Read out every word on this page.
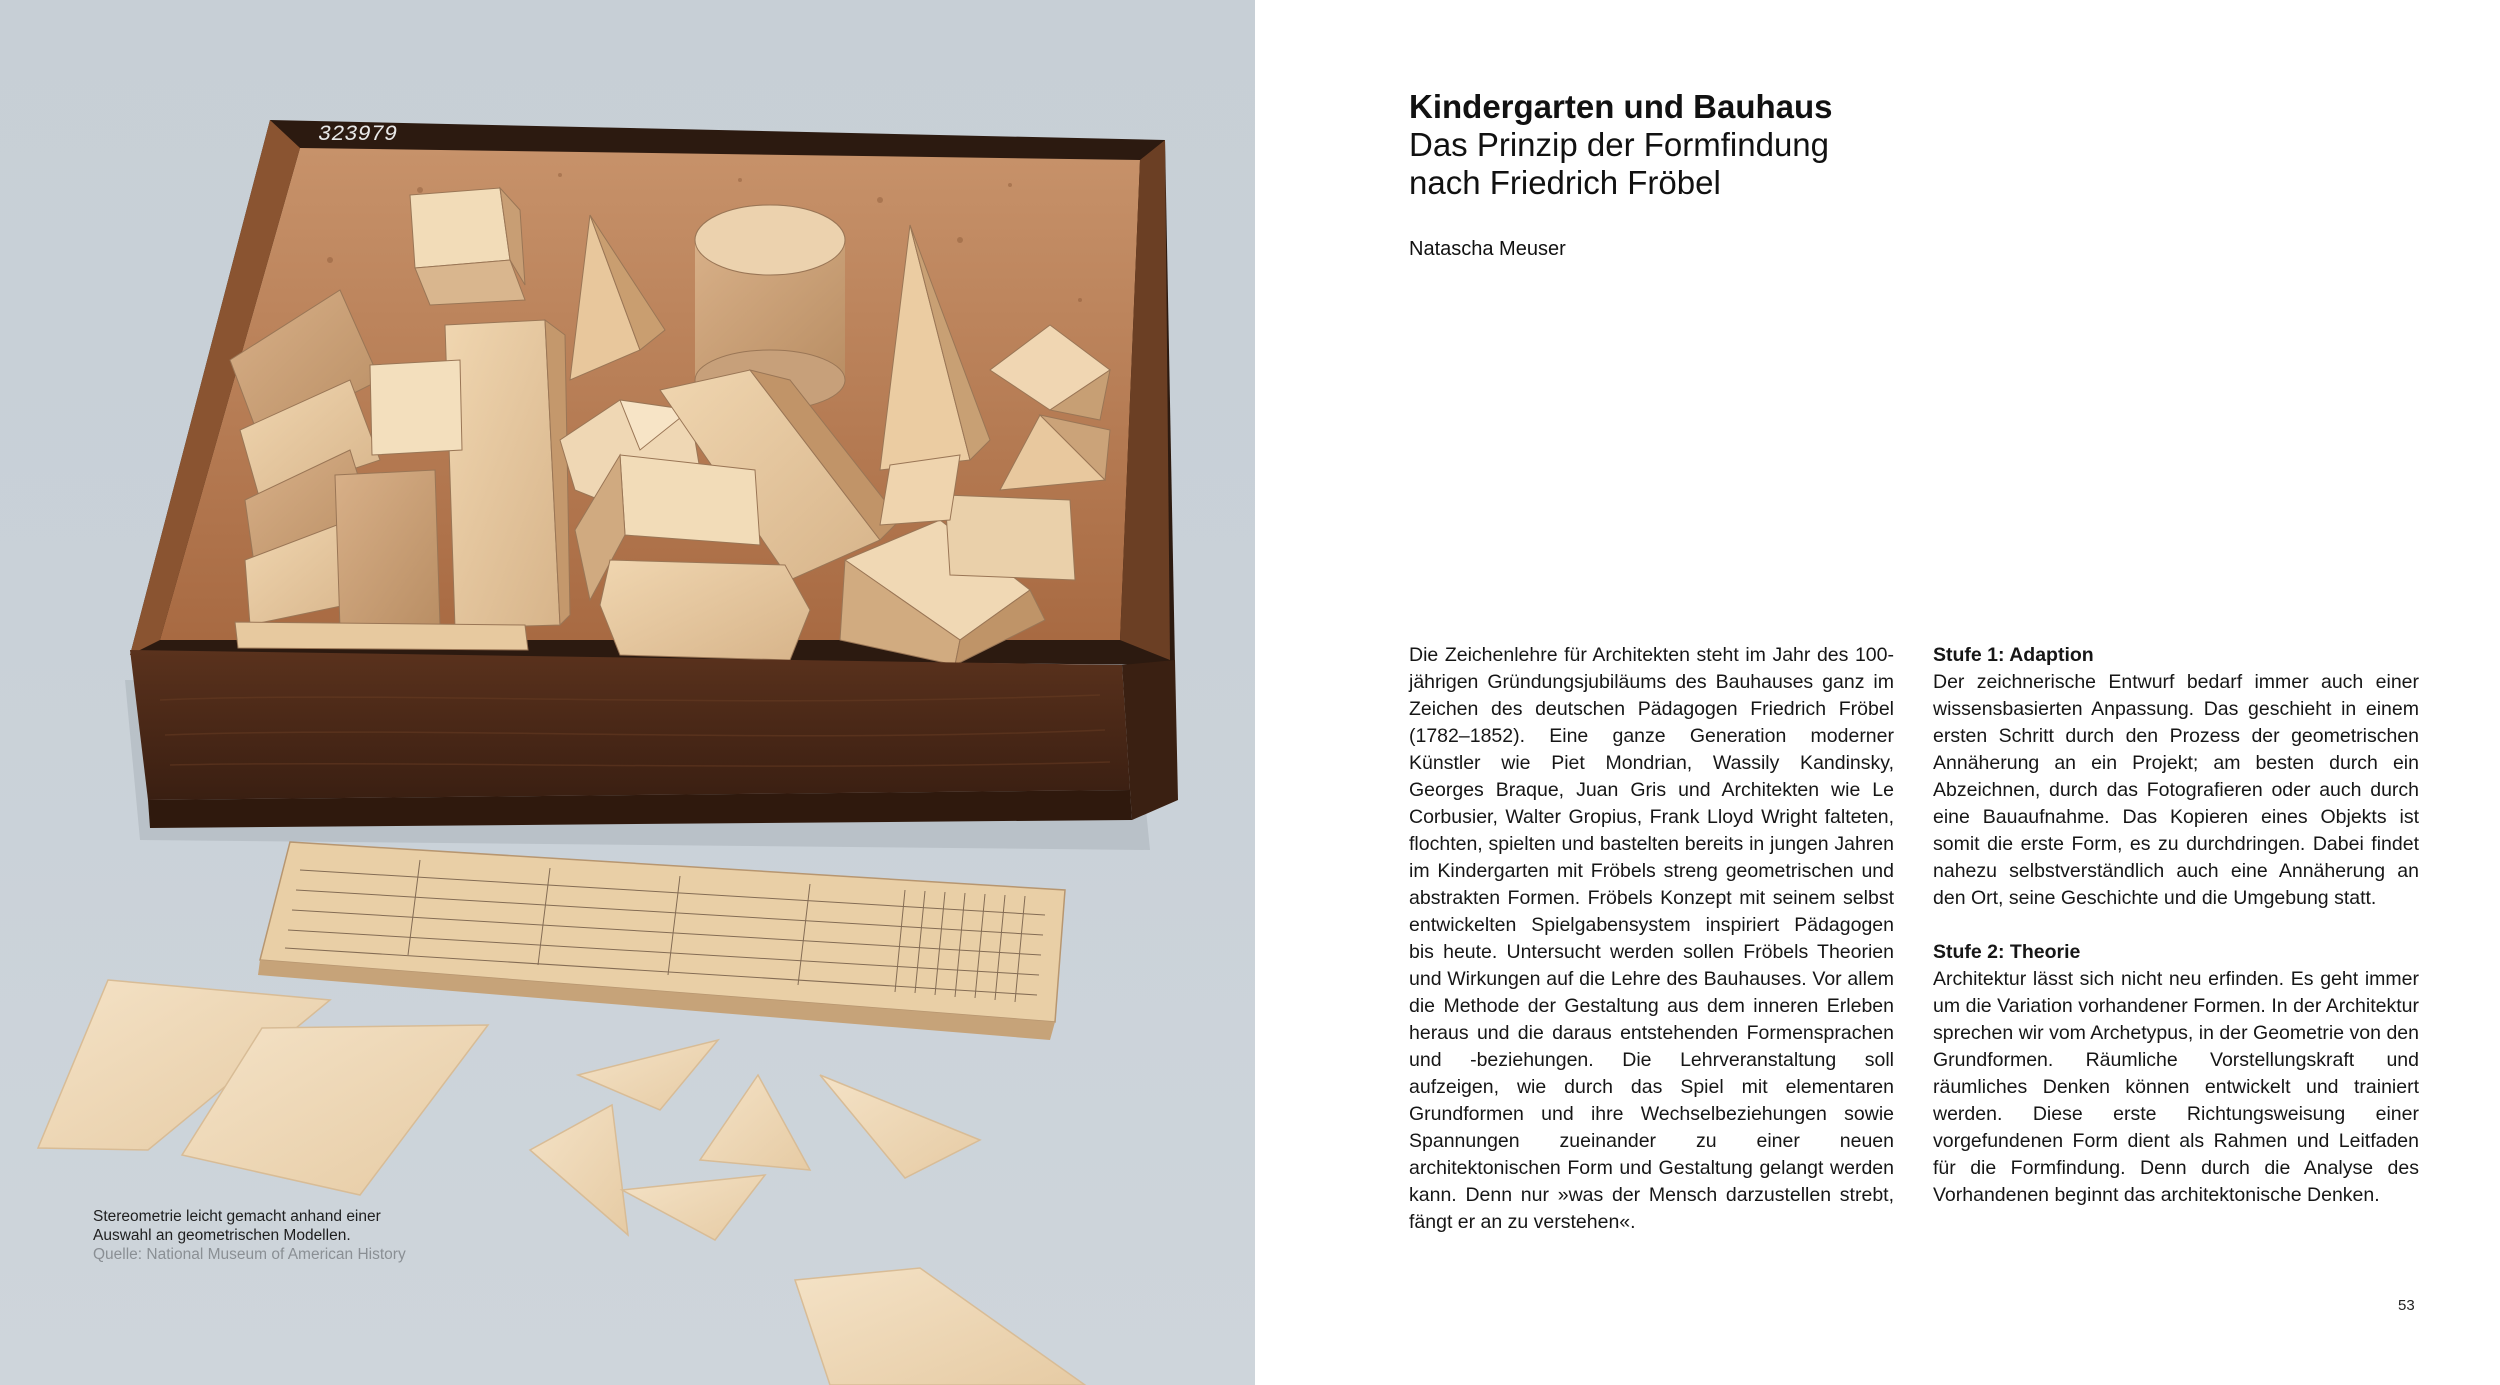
323979
Stereometrie leicht gemacht anhand einer
Auswahl an geometrischen Modellen.
Quelle: National Museum of American History
Kindergarten und Bauhaus
Das Prinzip der Formfindung
nach Friedrich Fröbel
Natascha Meuser

Die Zeichenlehre für Architekten steht im Jahr des 100-jährigen Gründungsjubiläums des Bauhauses ganz im Zeichen des deutschen Pädagogen Friedrich Fröbel (1782–1852). Eine ganze Generation moderner Künstler wie Piet Mondrian, Wassily Kandinsky, Georges Braque, Juan Gris und Architekten wie Le Corbusier, Walter Gropius, Frank Lloyd Wright falteten, flochten, spielten und bastelten bereits in jungen Jahren im Kindergarten mit Fröbels streng geometrischen und abstrakten Formen. Fröbels Konzept mit seinem selbst entwickelten Spielgabensystem inspiriert Pädagogen bis heute. Untersucht werden sollen Fröbels Theorien und Wirkungen auf die Lehre des Bauhauses. Vor allem die Methode der Gestaltung aus dem inneren Erleben heraus und die daraus entstehenden Formensprachen und -beziehungen. Die Lehrveranstaltung soll aufzeigen, wie durch das Spiel mit elementaren Grundformen und ihre Wechselbeziehungen sowie Spannungen zueinander zu einer neuen architektonischen Form und Gestaltung gelangt werden kann. Denn nur »was der Mensch darzustellen strebt, fängt er an zu verstehen«.

Stufe 1: Adaption

Der zeichnerische Entwurf bedarf immer auch einer wissensbasierten Anpassung. Das geschieht in einem ersten Schritt durch den Prozess der geometrischen Annäherung an ein Projekt; am besten durch ein Abzeichnen, durch das Fotografieren oder auch durch eine Bauaufnahme. Das Kopieren eines Objekts ist somit die erste Form, es zu durchdringen. Dabei findet nahezu selbstverständlich auch eine Annäherung an den Ort, seine Geschichte und die Umgebung statt.

Stufe 2: Theorie

Architektur lässt sich nicht neu erfinden. Es geht immer um die Variation vorhandener Formen. In der Architektur sprechen wir vom Archetypus, in der Geometrie von den Grundformen. Räumliche Vorstellungskraft und räumliches Denken können entwickelt und trainiert werden. Diese erste Richtungsweisung einer vorgefundenen Form dient als Rahmen und Leitfaden für die Formfindung. Denn durch die Analyse des Vorhandenen beginnt das architektonische Denken.

53
